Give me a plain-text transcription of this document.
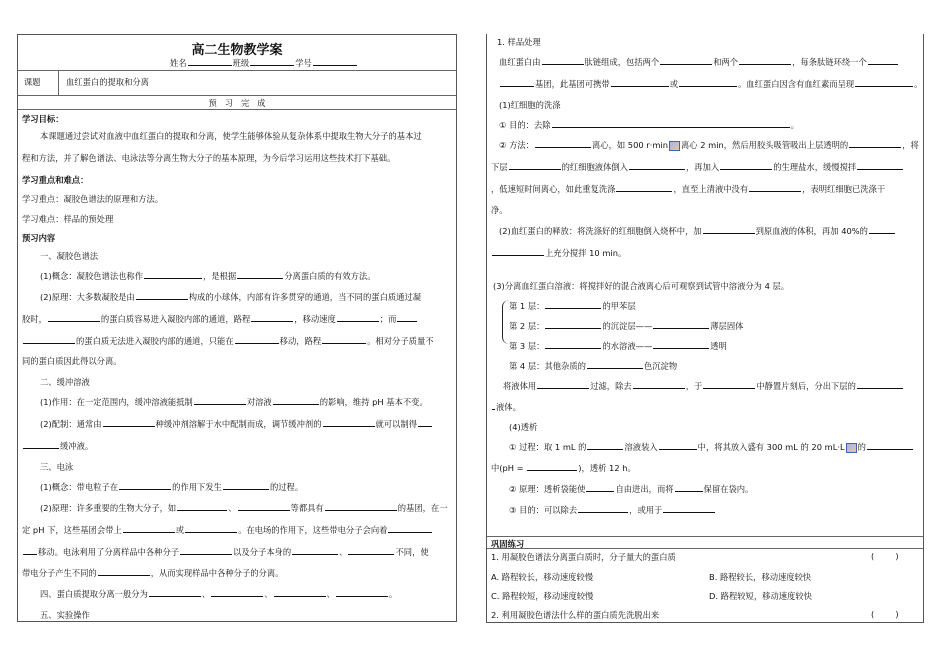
高二生物教学案
姓名	班级	学号
课题	血红蛋白的提取和分离
预   习   完   成
学习目标：
本课题通过尝试对血液中血红蛋白的提取和分离，使学生能够体验从复杂体系中提取生物大分子的基本过
程和方法，并了解色谱法、电泳法等分离生物大分子的基本原理，为今后学习运用这些技术打下基础。
学习重点和难点：
学习重点：凝胶色谱法的原理和方法。
学习难点：样品的预处理
预习内容
一、凝胶色谱法
(1)概念：凝胶色谱法也称作	，是根据	分离蛋白质的有效方法。
(2)原理：大多数凝胶是由	构成的小球体，内部有许多贯穿的通道，当不同的蛋白质通过凝
胶时，	的蛋白质容易进入凝胶内部的通道，路程	，移动速度	；而
的蛋白质无法进入凝胶内部的通道，只能在	移动，路程	。相对分子质量不
同的蛋白质因此得以分离。
二、缓冲溶液
(1)作用：在一定范围内，缓冲溶液能抵制	对溶液	的影响，维持 pH 基本不变。
(2)配制：通常由	种缓冲剂溶解于水中配制而成，调节缓冲剂的	就可以制得
缓冲液。
三、电泳
(1)概念：带电粒子在	的作用下发生	的过程。
(2)原理：许多重要的生物大分子，如	、	等都具有	的基团，在一
定 pH 下，这些基团会带上	或	。在电场的作用下，这些带电分子会向着
移动。电泳利用了分离样品中各种分子	以及分子本身的	、	不同，使
带电分子产生不同的	，从而实现样品中各种分子的分离。
四、蛋白质提取分离一般分为	、	、	、	。
五、实验操作
1. 样品处理
血红蛋白由	肽链组成，包括两个	和两个	，每条肽链环绕一个
基团，此基团可携带	或	。血红蛋白因含有血红素而呈现	。
(1)红细胞的洗涤
① 目的：去除	。
② 方法：	离心，如 500 r·min 离心 2 min，然后用胶头吸管吸出上层透明的	，将
下层	的红细胞液体倒入	，再加入	的生理盐水，缓慢搅拌
，低速短时间离心，如此重复洗涤	，直至上清液中没有	，表明红细胞已洗涤干
净。
(2)血红蛋白的释放：将洗涤好的红细胞倒入烧杯中，加	到原血液的体积，再加 40%的
上充分搅拌 10 min。
(3)分离血红蛋白溶液：将搅拌好的混合液离心后可观察到试管中溶液分为 4 层。
第 1 层：	的甲苯层
第 2 层：	的沉淀层——	薄层固体
第 3 层：	的水溶液——	透明
第 4 层：其他杂质的	色沉淀物
将液体用	过滤，除去	，于	中静置片刻后，分出下层的
液体。
(4)透析
① 过程：取 1 mL 的	溶液装入	中，将其放入盛有 300 mL 的 20 mL·L 的
中(pH =	)，透析 12 h。
② 原理：透析袋能使	自由进出，而将	保留在袋内。
③ 目的：可以除去	，或用于
巩固练习
1. 用凝胶色谱法分离蛋白质时，分子量大的蛋白质	(        )
A. 路程较长，移动速度较慢	B. 路程较长，移动速度较快
C. 路程较短，移动速度较慢	D. 路程较短，移动速度较快
2. 利用凝胶色谱法什么样的蛋白质先洗脱出来	(        )
